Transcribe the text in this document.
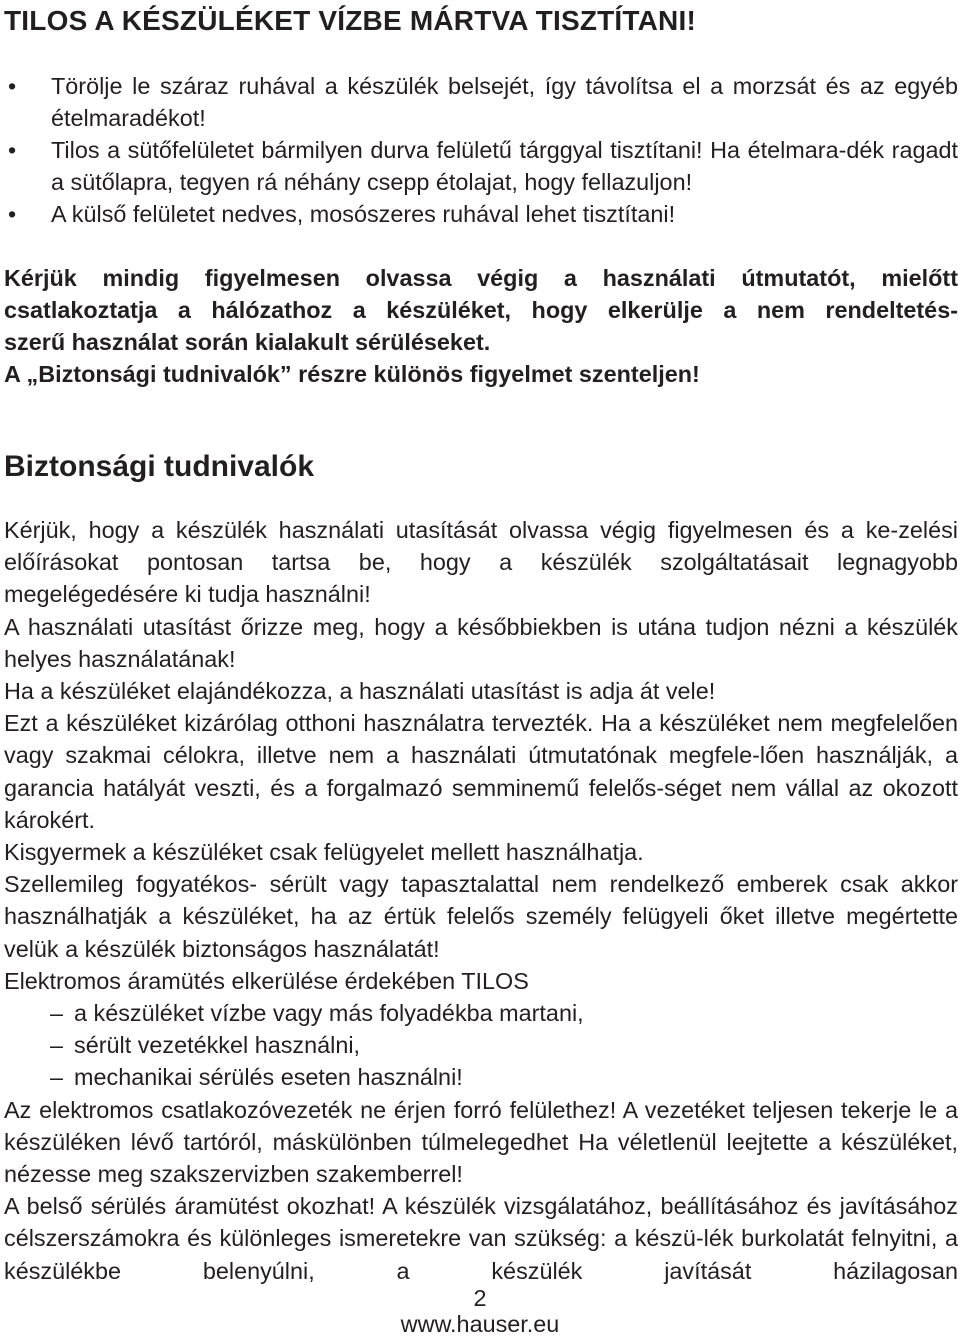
TILOS A KÉSZÜLÉKET VÍZBE MÁRTVA TISZTÍTANI!
• Törölje le száraz ruhával a készülék belsejét, így távolítsa el a morzsát és az egyéb ételmaradékot!
• Tilos a sütőfelületet bármilyen durva felületű tárggyal tisztítani! Ha ételmara-dék ragadt a sütőlapra, tegyen rá néhány csepp étolajat, hogy fellazuljon!
• A külső felületet nedves, mosószeres ruhával lehet tisztítani!

Kérjük mindig figyelmesen olvassa végig a használati útmutatót, mielőtt
csatlakoztatja a hálózathoz a készüléket, hogy elkerülje a nem rendeltetés-
szerű használat során kialakult sérüléseket.
A „Biztonsági tudnivalók” részre különös figyelmet szenteljen!

Biztonsági tudnivalók
Kérjük, hogy a készülék használati utasítását olvassa végig figyelmesen és a ke-zelési előírásokat pontosan tartsa be, hogy a készülék szolgáltatásait legnagyobb megelégedésére ki tudja használni!
A használati utasítást őrizze meg, hogy a későbbiekben is utána tudjon nézni a készülék helyes használatának!
Ha a készüléket elajándékozza, a használati utasítást is adja át vele!
Ezt a készüléket kizárólag otthoni használatra tervezték. Ha a készüléket nem megfelelően vagy szakmai célokra, illetve nem a használati útmutatónak megfele-lően használják, a garancia hatályát veszti, és a forgalmazó semminemű felelős-séget nem vállal az okozott károkért.
Kisgyermek a készüléket csak felügyelet mellett használhatja.
Szellemileg fogyatékos- sérült vagy tapasztalattal nem rendelkező emberek csak akkor használhatják a készüléket, ha az értük felelős személy felügyeli őket illetve megértette velük a készülék biztonságos használatát!
Elektromos áramütés elkerülése érdekében TILOS
– a készüléket vízbe vagy más folyadékba martani,
– sérült vezetékkel használni,
– mechanikai sérülés eseten használni!
Az elektromos csatlakozóvezeték ne érjen forró felülethez! A vezetéket teljesen tekerje le a készüléken lévő tartóról, máskülönben túlmelegedhet Ha véletlenül leejtette a készüléket, nézesse meg szakszervizben szakemberrel!
A belső sérülés áramütést okozhat! A készülék vizsgálatához, beállításához és javításához célszerszámokra és különleges ismeretekre van szükség: a készü-lék burkolatát felnyitni, a készülékbe belenyúlni, a készülék javítását házilagosan
2
www.hauser.eu
